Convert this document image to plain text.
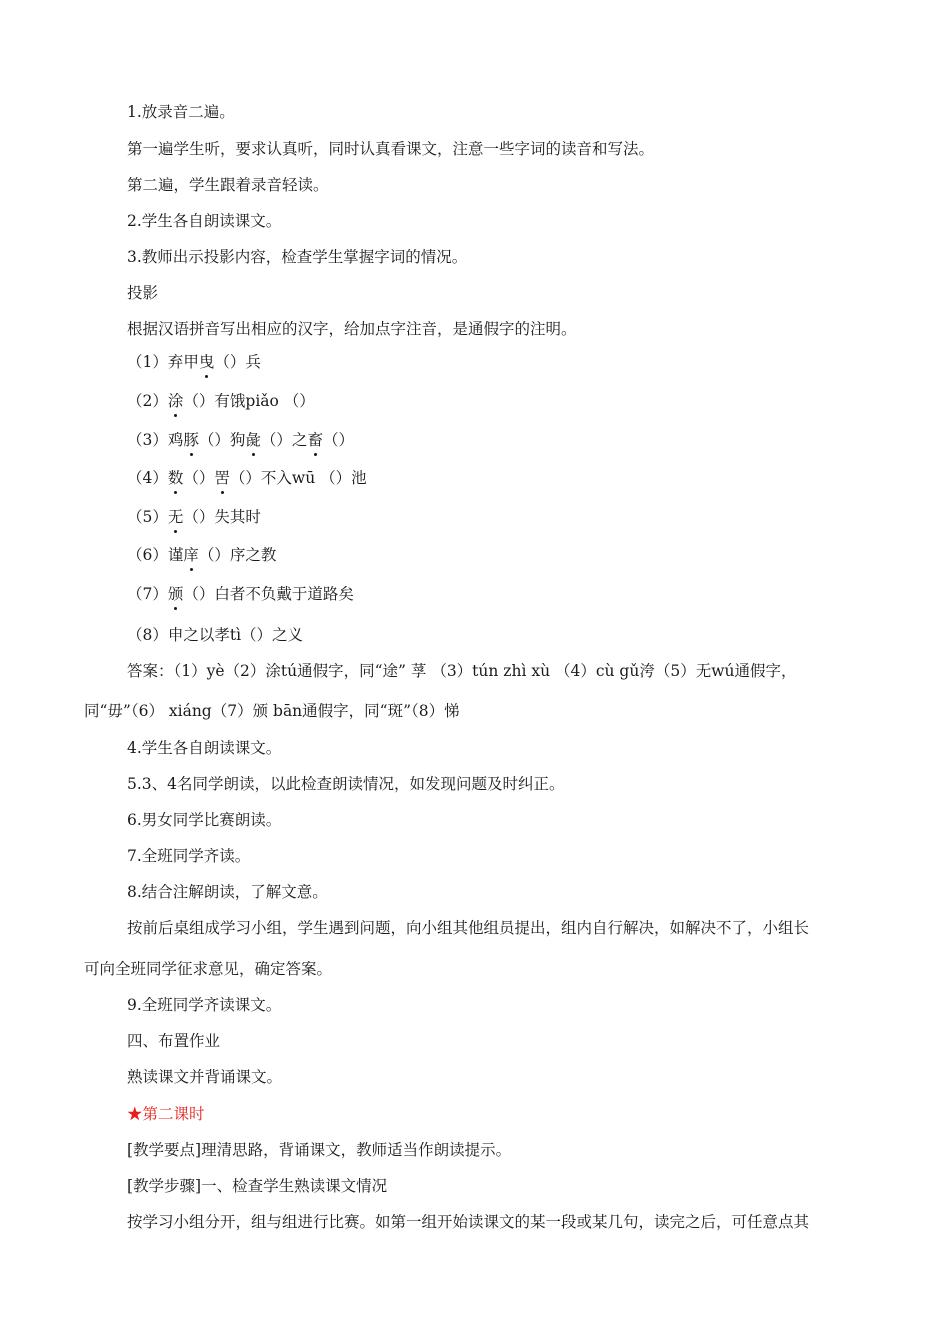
1.放录音二遍。
第一遍学生听，要求认真听，同时认真看课文，注意一些字词的读音和写法。
第二遍，学生跟着录音轻读。
2.学生各自朗读课文。
3.教师出示投影内容，检查学生掌握字词的情况。
投影
根据汉语拼音写出相应的汉字，给加点字注音，是通假字的注明。
（1）弃甲曳（）兵
（2）涂（）有饿piǎo （）
（3）鸡豚（）狗彘（）之畜（）
（4）数（）罟（）不入wū （）池
（5）无（）失其时
（6）谨庠（）序之教
（7）颁（）白者不负戴于道路矣
（8）申之以孝tì（）之义
答案：（1）yè（2）涂tú通假字，同“途” 莩 （3）tún zhì xù （4）cù gǔ洿（5）无wú通假字，
同“毋”（6） xiáng（7）颁 bān通假字，同“斑”（8）悌
4.学生各自朗读课文。
5.3、4名同学朗读，以此检查朗读情况，如发现问题及时纠正。
6.男女同学比赛朗读。
7.全班同学齐读。
8.结合注解朗读，了解文意。
按前后桌组成学习小组，学生遇到问题，向小组其他组员提出，组内自行解决，如解决不了，小组长
可向全班同学征求意见，确定答案。
9.全班同学齐读课文。
四、布置作业
熟读课文并背诵课文。
★第二课时
[教学要点]理清思路，背诵课文，教师适当作朗读提示。
[教学步骤]一、检查学生熟读课文情况
按学习小组分开，组与组进行比赛。如第一组开始读课文的某一段或某几句，读完之后，可任意点其
